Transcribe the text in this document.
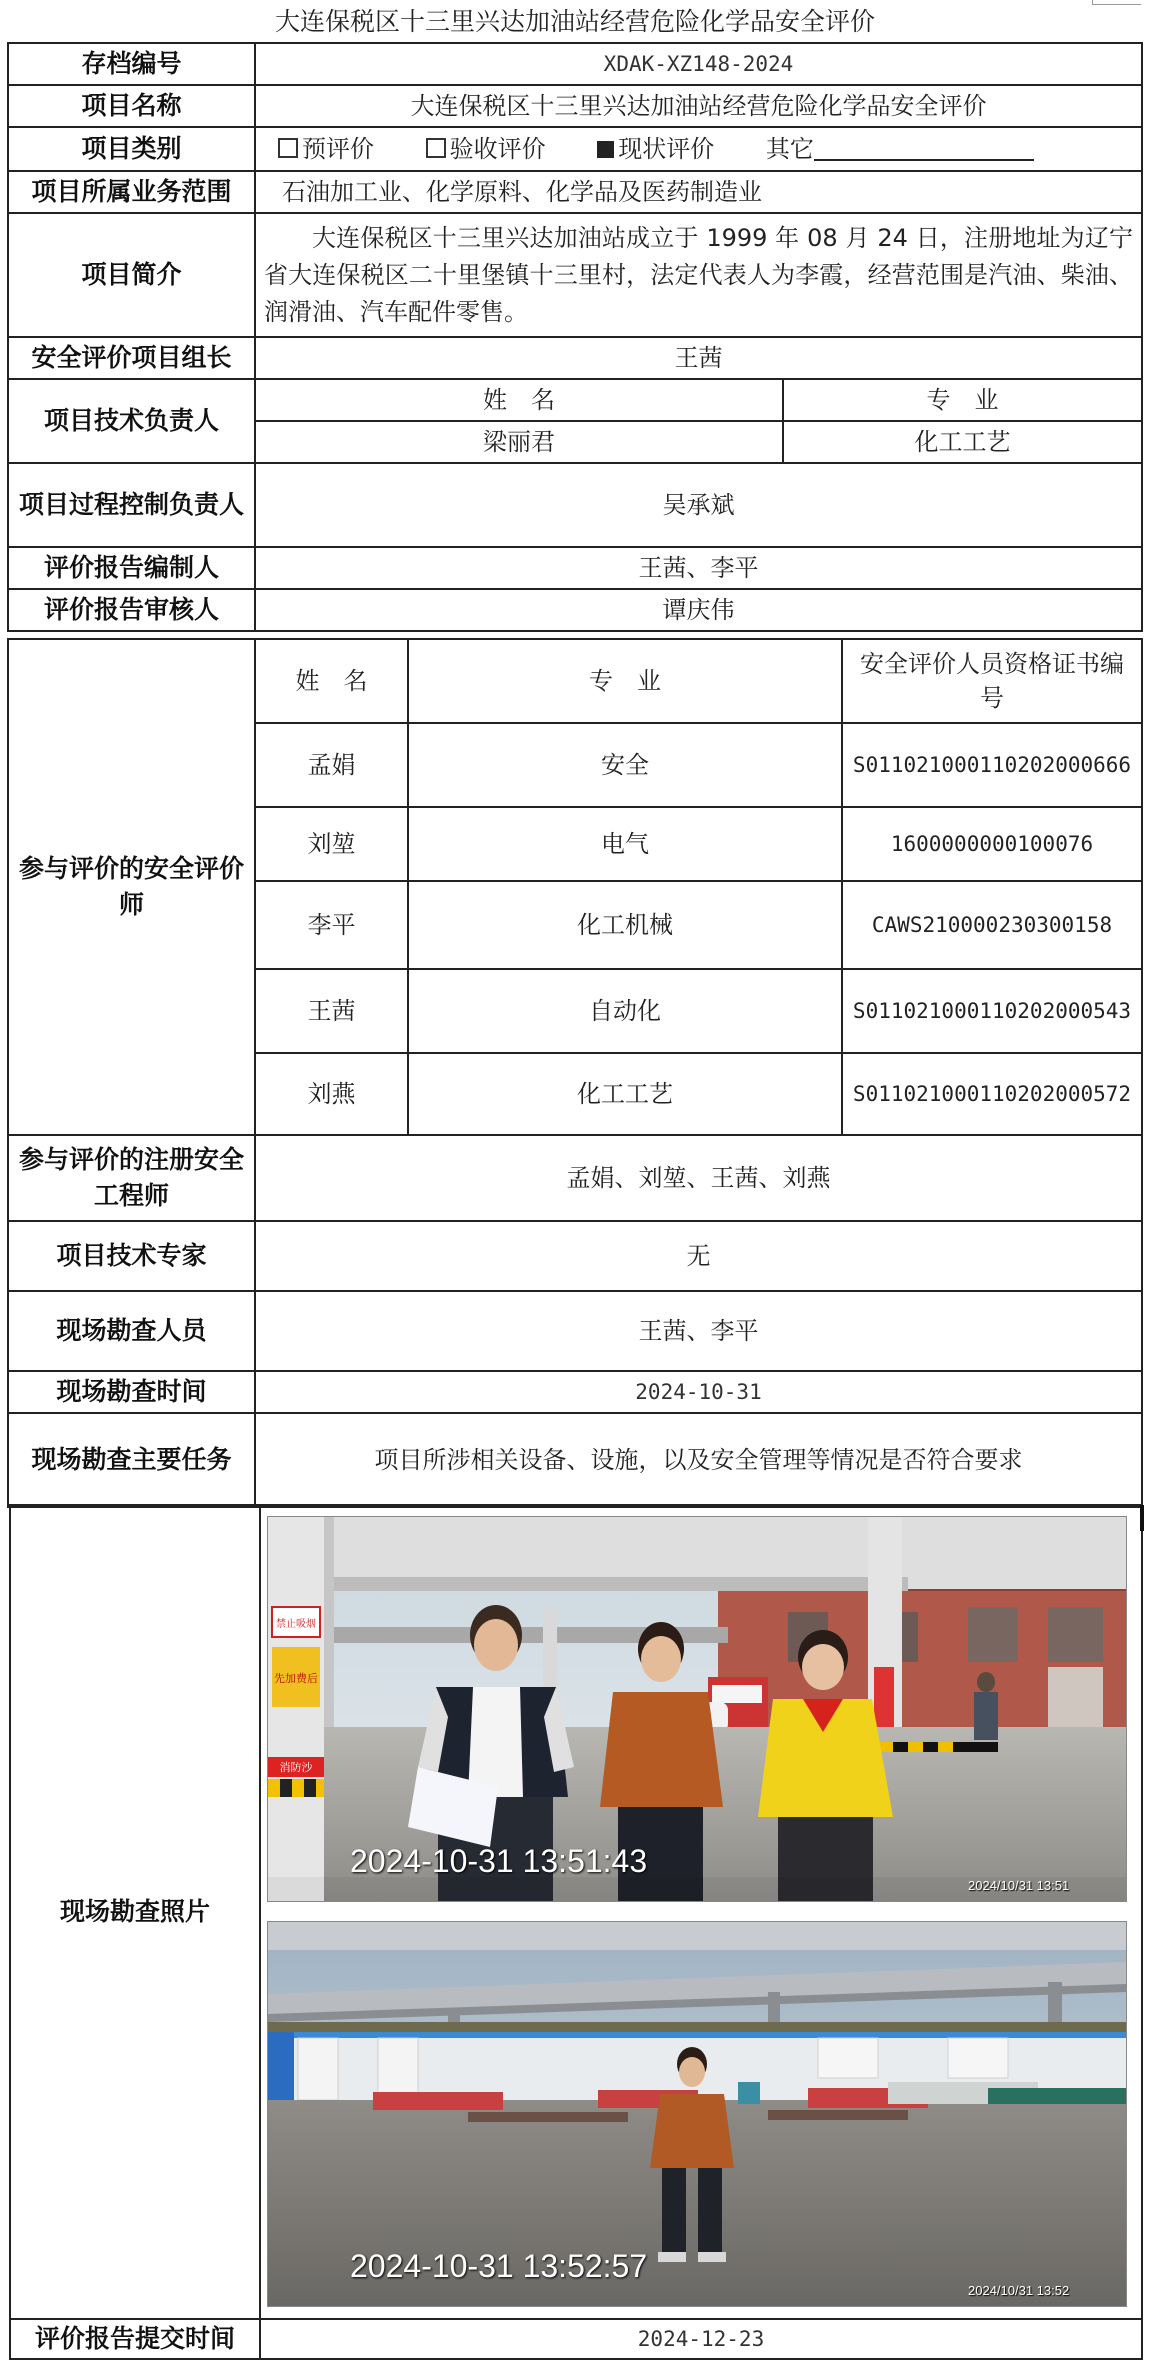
大连保税区十三里兴达加油站经营危险化学品安全评价
存档编号	XDAK-XZ148-2024	
项目名称	大连保税区十三里兴达加油站经营危险化学品安全评价	
项目类别	预评价 验收评价 现状评价 其它	
项目所属业务范围	石油加工业、化学原料、化学品及医药制造业	
项目简介	大连保税区十三里兴达加油站成立于 1999 年 08 月 24 日，注册地址为辽宁省大连保税区二十里堡镇十三里村，法定代表人为李霞，经营范围是汽油、柴油、润滑油、汽车配件零售。	
安全评价项目组长	王茜	
项目技术负责人	姓　名	专　业
	梁丽君	化工工艺
项目过程控制负责人	吴承斌	
评价报告编制人	王茜、李平	
评价报告审核人	谭庆伟	
参与评价的安全评价师	姓　名	专　业	安全评价人员资格证书编号
	孟娟	安全	S011021000110202000666
	刘堃	电气	1600000000100076
	李平	化工机械	CAWS210000230300158
	王茜	自动化	S011021000110202000543
	刘燕	化工工艺	S011021000110202000572
参与评价的注册安全工程师	孟娟、刘堃、王茜、刘燕
项目技术专家	无
现场勘查人员	王茜、李平
现场勘查时间	2024-10-31
现场勘查主要任务	项目所涉相关设备、设施，以及安全管理等情况是否符合要求
现场勘查照片	
评价报告提交时间	2024-12-23
禁止吸烟
先加费后
消防沙
2024-10-31 13:51:43
2024/10/31 13:51
2024-10-31 13:52:57
2024/10/31 13:52
